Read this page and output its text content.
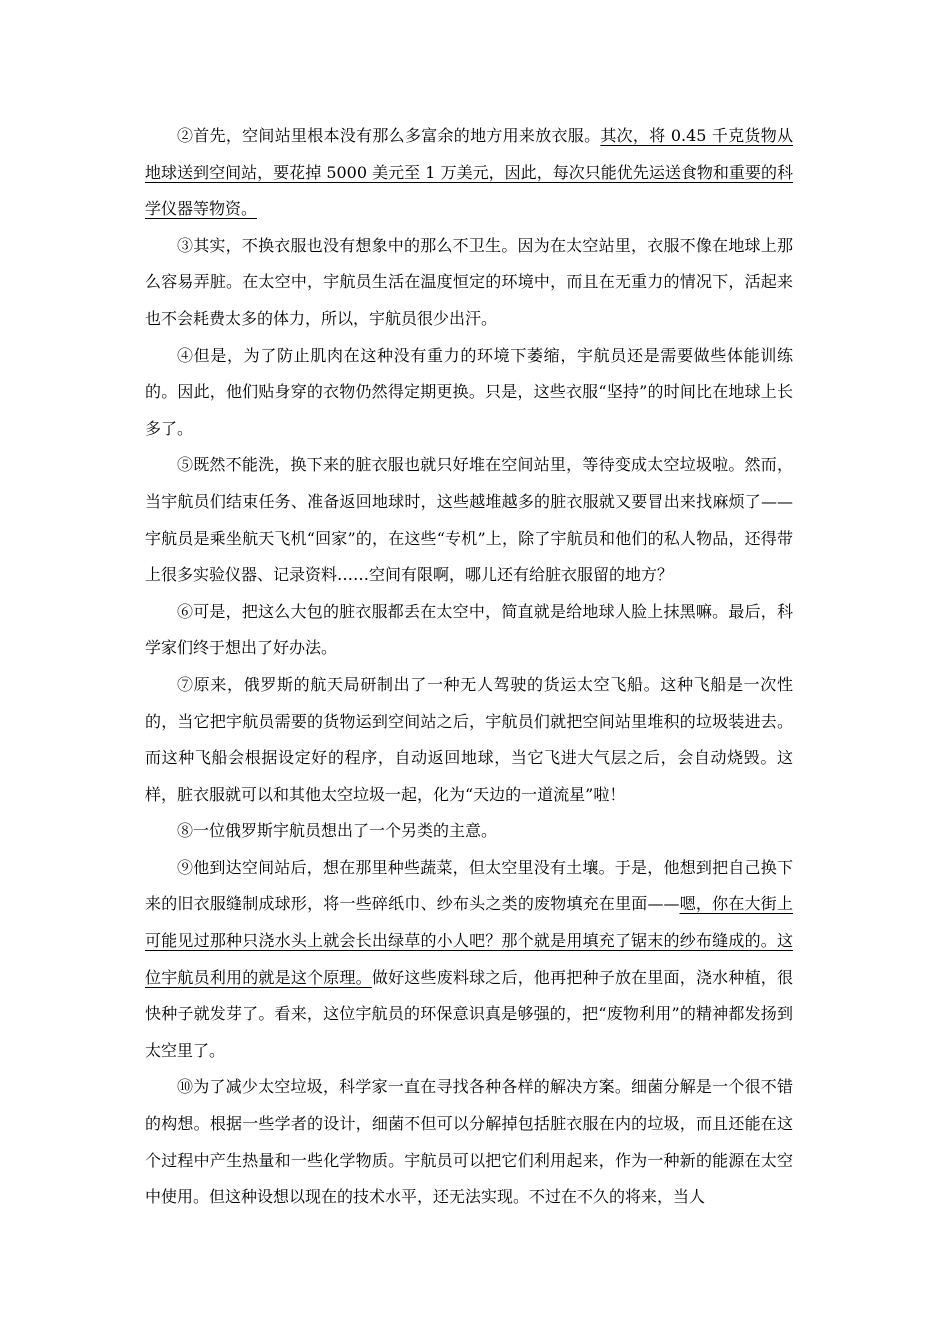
②首先，空间站里根本没有那么多富余的地方用来放衣服。其次，将 0.45 千克货物从地球送到空间站，要花掉 5000 美元至 1 万美元，因此，每次只能优先运送食物和重要的科学仪器等物资。

③其实，不换衣服也没有想象中的那么不卫生。因为在太空站里，衣服不像在地球上那么容易弄脏。在太空中，宇航员生活在温度恒定的环境中，而且在无重力的情况下，活起来也不会耗费太多的体力，所以，宇航员很少出汗。

④但是，为了防止肌肉在这种没有重力的环境下萎缩，宇航员还是需要做些体能训练的。因此，他们贴身穿的衣物仍然得定期更换。只是，这些衣服“坚持”的时间比在地球上长多了。

⑤既然不能洗，换下来的脏衣服也就只好堆在空间站里，等待变成太空垃圾啦。然而，当宇航员们结束任务、准备返回地球时，这些越堆越多的脏衣服就又要冒出来找麻烦了——宇航员是乘坐航天飞机“回家”的，在这些“专机”上，除了宇航员和他们的私人物品，还得带上很多实验仪器、记录资料……空间有限啊，哪儿还有给脏衣服留的地方？

⑥可是，把这么大包的脏衣服都丢在太空中，简直就是给地球人脸上抹黑嘛。最后，科学家们终于想出了好办法。

⑦原来，俄罗斯的航天局研制出了一种无人驾驶的货运太空飞船。这种飞船是一次性的，当它把宇航员需要的货物运到空间站之后，宇航员们就把空间站里堆积的垃圾装进去。而这种飞船会根据设定好的程序，自动返回地球，当它飞进大气层之后，会自动烧毁。这样，脏衣服就可以和其他太空垃圾一起，化为“天边的一道流星”啦！

⑧一位俄罗斯宇航员想出了一个另类的主意。

⑨他到达空间站后，想在那里种些蔬菜，但太空里没有土壤。于是，他想到把自己换下来的旧衣服缝制成球形，将一些碎纸巾、纱布头之类的废物填充在里面——嗯，你在大街上可能见过那种只浇水头上就会长出绿草的小人吧？那个就是用填充了锯末的纱布缝成的。这位宇航员利用的就是这个原理。做好这些废料球之后，他再把种子放在里面，浇水种植，很快种子就发芽了。看来，这位宇航员的环保意识真是够强的，把“废物利用”的精神都发扬到太空里了。

⑩为了减少太空垃圾，科学家一直在寻找各种各样的解决方案。细菌分解是一个很不错的构想。根据一些学者的设计，细菌不但可以分解掉包括脏衣服在内的垃圾，而且还能在这个过程中产生热量和一些化学物质。宇航员可以把它们利用起来，作为一种新的能源在太空中使用。但这种设想以现在的技术水平，还无法实现。不过在不久的将来，当人
